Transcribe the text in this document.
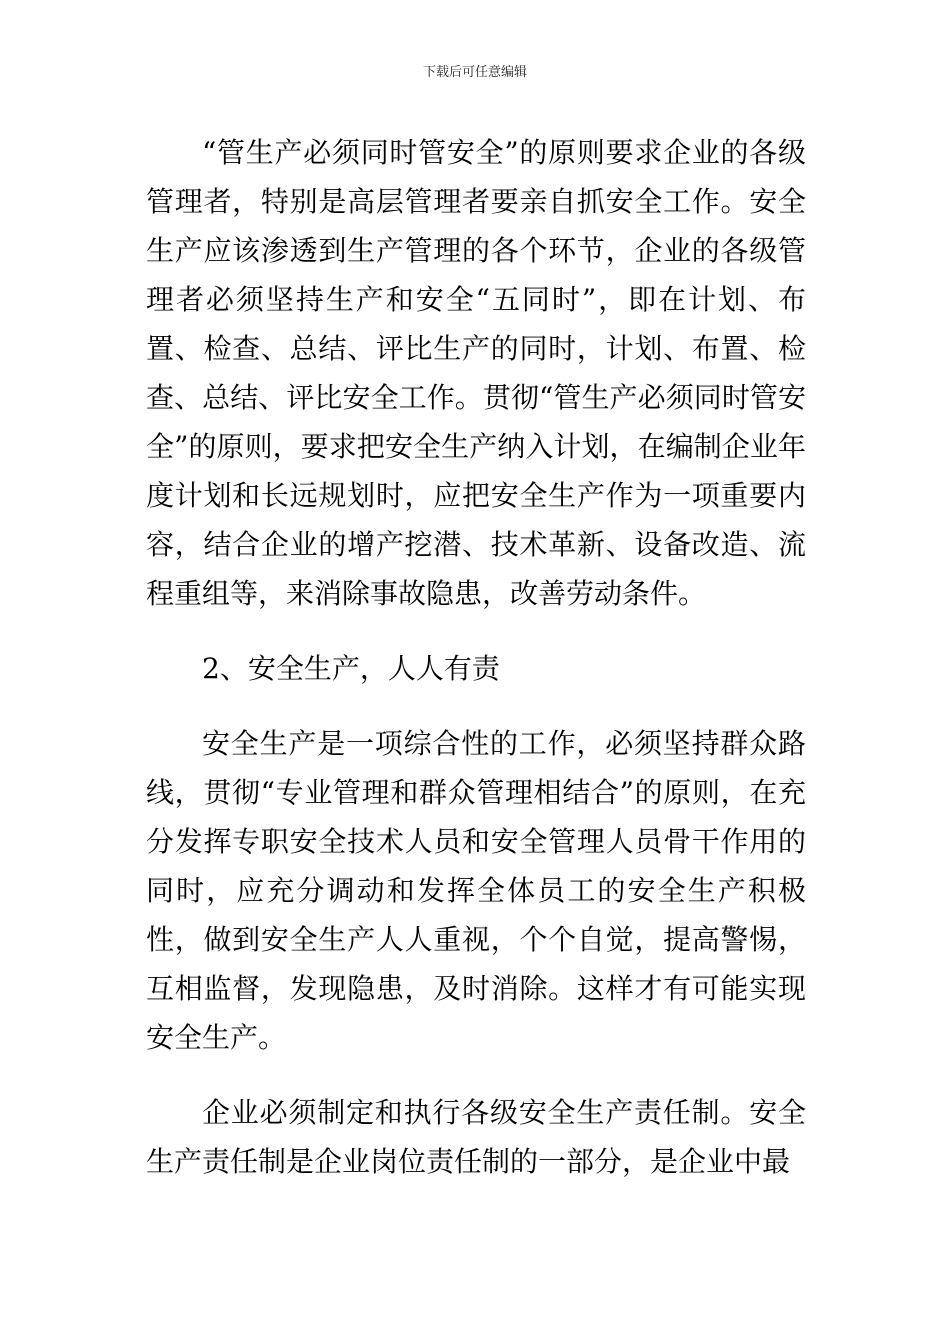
下载后可任意编辑

“管生产必须同时管安全”的原则要求企业的各级管理者，特别是高层管理者要亲自抓安全工作。安全生产应该渗透到生产管理的各个环节，企业的各级管理者必须坚持生产和安全“五同时”，即在计划、布置、检查、总结、评比生产的同时，计划、布置、检查、总结、评比安全工作。贯彻“管生产必须同时管安全”的原则，要求把安全生产纳入计划，在编制企业年度计划和长远规划时，应把安全生产作为一项重要内容，结合企业的增产挖潜、技术革新、设备改造、流程重组等，来消除事故隐患，改善劳动条件。

2、安全生产，人人有责

安全生产是一项综合性的工作，必须坚持群众路线，贯彻“专业管理和群众管理相结合”的原则，在充分发挥专职安全技术人员和安全管理人员骨干作用的同时，应充分调动和发挥全体员工的安全生产积极性，做到安全生产人人重视，个个自觉，提高警惕，互相监督，发现隐患，及时消除。这样才有可能实现安全生产。

企业必须制定和执行各级安全生产责任制。安全生产责任制是企业岗位责任制的一部分，是企业中最
